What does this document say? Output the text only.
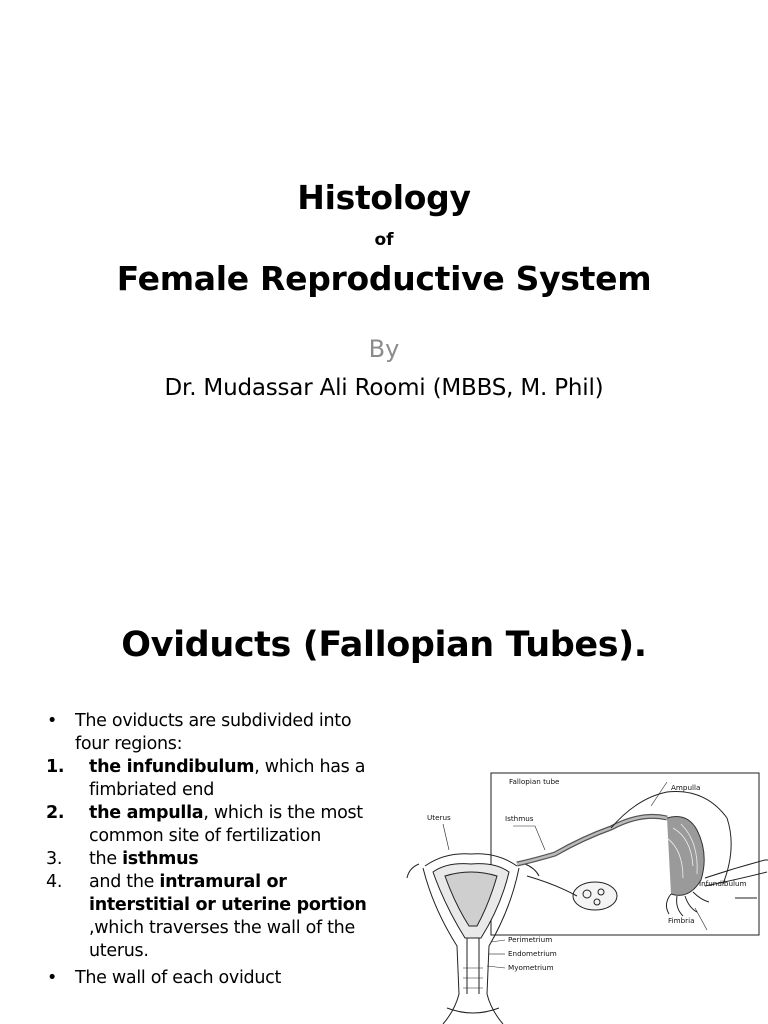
Histology
of
Female Reproductive System
By
Dr. Mudassar Ali Roomi (MBBS, M. Phil)
Oviducts (Fallopian Tubes).
• The oviducts are subdivided into four regions:
1. the infundibulum, which has a fimbriated end
2. the ampulla, which is the most common site of fertilization
3. the isthmus
4. and the intramural or interstitial or uterine portion ,which traverses the wall of the uterus.
• The wall of each oviduct
Fallopian tube
Ampulla
Isthmus
Uterus
Infundibulum
Fimbria
Perimetrium
Endometrium
Myometrium
